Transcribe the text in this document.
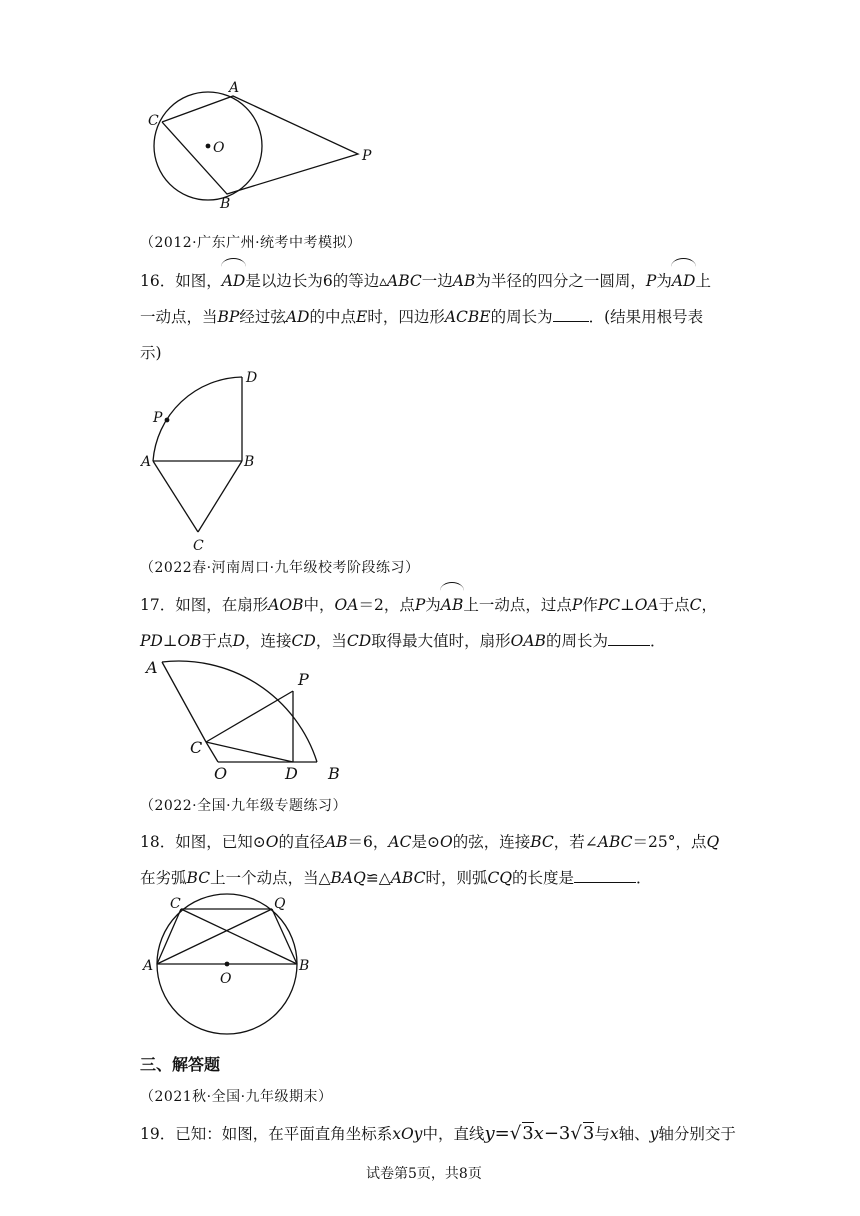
A
C
O	P
B
（2012·广东广州·统考中考模拟）
16．如图，AD是以边长为6的等边▵ABC一边AB为半径的四分之一圆周，P为AD上
一动点，当BP经过弦AD的中点E时，四边形ACBE的周长为 ．(结果用根号表
示)
D
P
A	B
C
（2022春·河南周口·九年级校考阶段练习）
17．如图，在扇形AOB中，OA＝2，点P为AB上一动点，过点P作PC⊥OA于点C，
PD⊥OB于点D，连接CD，当CD取得最大值时，扇形OAB的周长为	．
A
P
C
O	D B
（2022·全国·九年级专题练习）
18．如图，已知⊙O的直径AB＝6，AC是⊙O的弦，连接BC，若∠ABC＝25°，点Q
在劣弧BC上一个动点，当△BAQ≌△ABC时，则弧CQ的长度是	．
C	Q
A	B
O
三、解答题
（2021秋·全国·九年级期末）
19．已知：如图，在平面直角坐标系xOy中，直线y=√3x−3√3与x轴、y轴分别交于
试卷第5页，共8页
